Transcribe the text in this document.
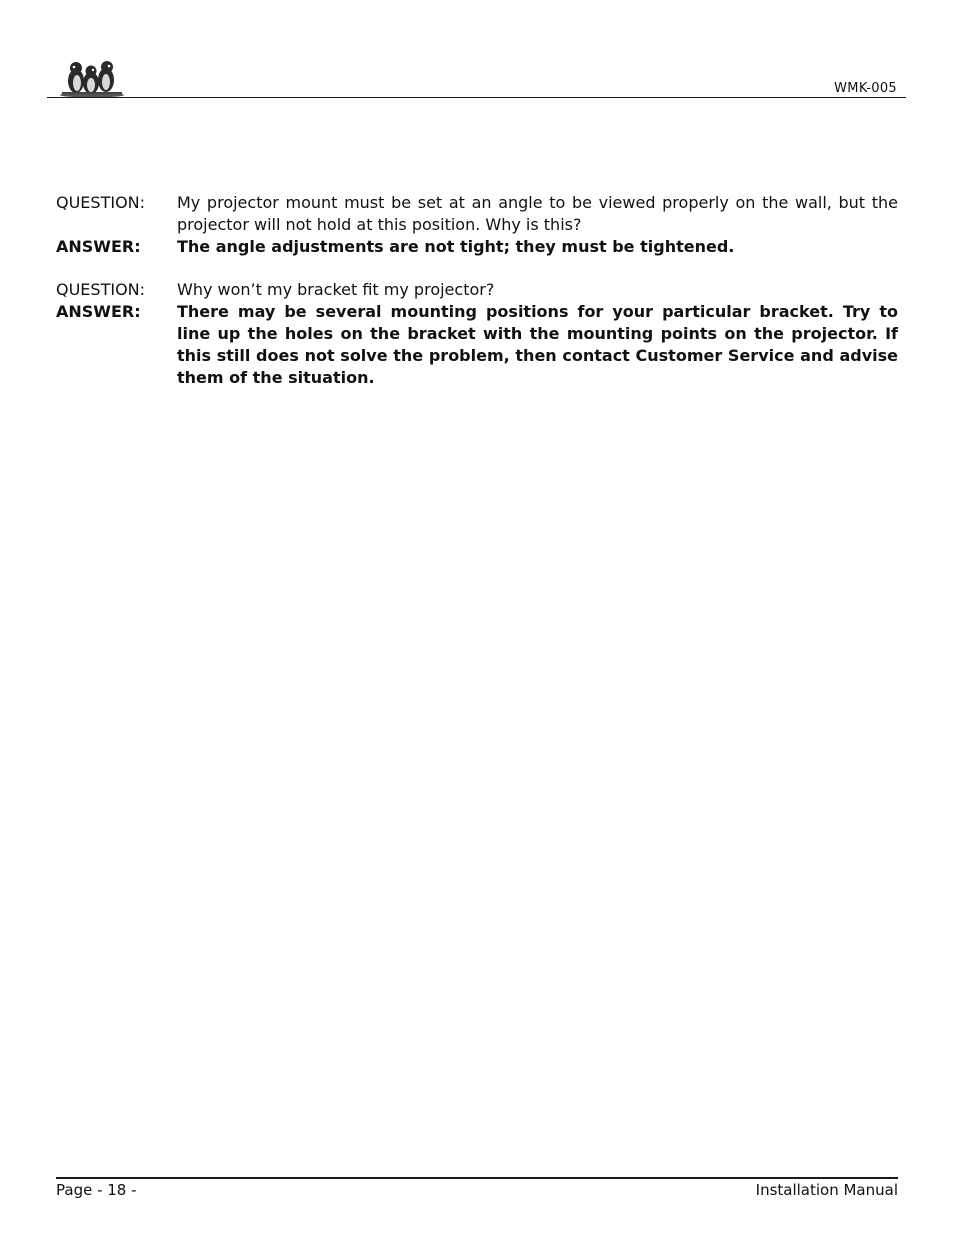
WMK-005
QUESTION:	My projector mount must be set at an angle to be viewed properly on the wall, but the projector will not hold at this position. Why is this?
ANSWER:	The angle adjustments are not tight; they must be tightened.
QUESTION:	Why won’t my bracket fit my projector?
ANSWER:	There may be several mounting positions for your particular bracket. Try to line up the holes on the bracket with the mounting points on the projector. If this still does not solve the problem, then contact Customer Service and advise them of the situation.
Page - 18 -	Installation Manual
